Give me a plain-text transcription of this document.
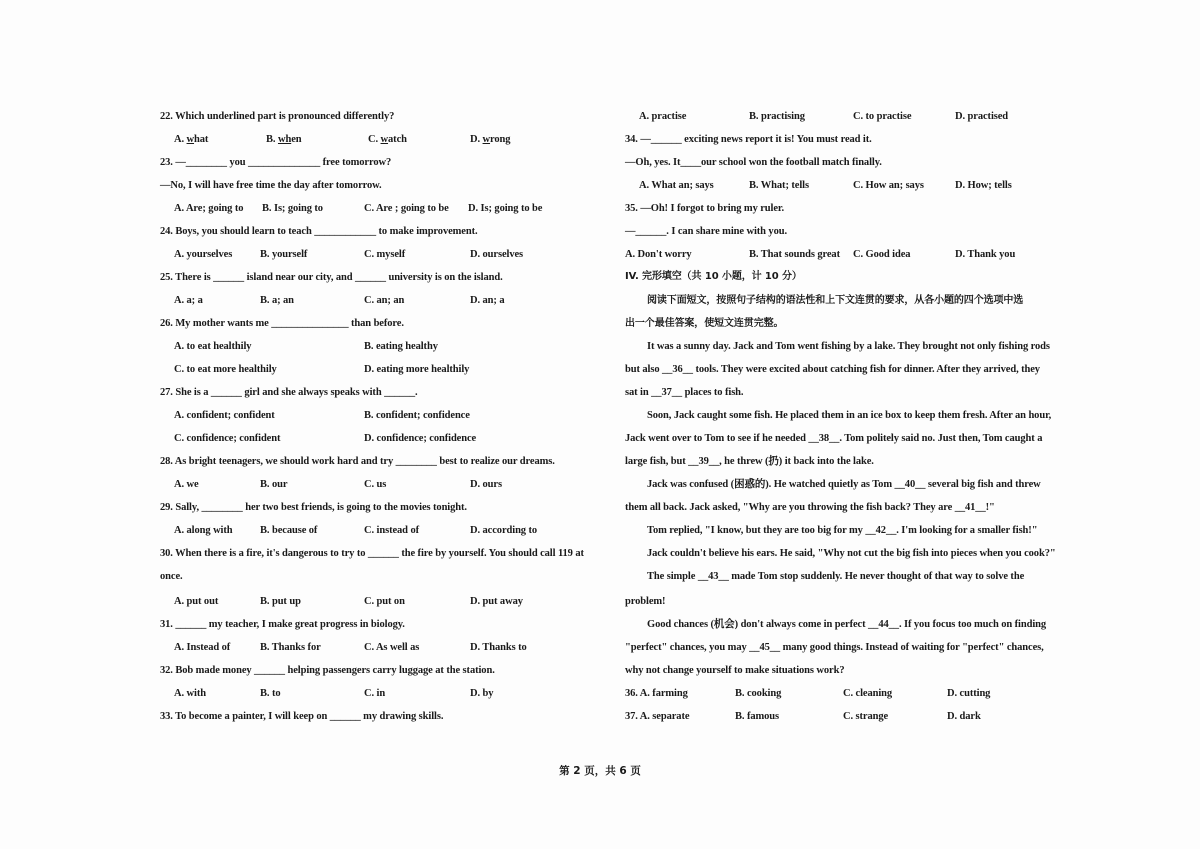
22. Which underlined part is pronounced differently?
A. what	B. when	C. watch	D. wrong
23. —________ you ______________ free tomorrow?
—No, I will have free time the day after tomorrow.
A. Are; going to B. Is; going to	C. Are ; going to be D. Is; going to be
24. Boys, you should learn to teach ____________ to make improvement.
A. yourselves	B. yourself	C. myself	D. ourselves
25. There is ______ island near our city, and ______ university is on the island.
A. a; a	B. a; an	C. an; an	D. an; a
26. My mother wants me _______________ than before.
A. to eat healthily	B. eating healthy
C. to eat more healthily	D. eating more healthily
27. She is a ______ girl and she always speaks with ______.
A. confident; confident	B. confident; confidence
C. confidence; confident	D. confidence; confidence
28. As bright teenagers, we should work hard and try ________ best to realize our dreams.
A. we	B. our	C. us	D. ours
29. Sally, ________ her two best friends, is going to the movies tonight.
A. along with	B. because of	C. instead of	D. according to
30. When there is a fire, it's dangerous to try to ______ the fire by yourself. You should call 119 at
once.
A. put out	B. put up	C. put on	D. put away
31. ______ my teacher, I make great progress in biology.
A. Instead of	B. Thanks for	C. As well as	D. Thanks to
32. Bob made money ______ helping passengers carry luggage at the station.
A. with	B. to	C. in	D. by
33. To become a painter, I will keep on ______ my drawing skills.
A. practise	B. practising	C. to practise	D. practised
34. —______ exciting news report it is! You must read it.
—Oh, yes. It____our school won the football match finally.
A. What an; says	B. What; tells	C. How an; says	D. How; tells
35. —Oh! I forgot to bring my ruler.
—______. I can share mine with you.
A. Don't worry	B. That sounds great C. Good idea	D. Thank you
IV. 完形填空（共 10 小题，计 10 分）
阅读下面短文，按照句子结构的语法性和上下文连贯的要求，从各小题的四个选项中选
出一个最佳答案，使短文连贯完整。
It was a sunny day. Jack and Tom went fishing by a lake. They brought not only fishing rods
but also __36__ tools. They were excited about catching fish for dinner. After they arrived, they
sat in __37__ places to fish.
Soon, Jack caught some fish. He placed them in an ice box to keep them fresh. After an hour,
Jack went over to Tom to see if he needed __38__. Tom politely said no. Just then, Tom caught a
large fish, but __39__, he threw (扔) it back into the lake.
Jack was confused (困惑的). He watched quietly as Tom __40__ several big fish and threw
them all back. Jack asked, "Why are you throwing the fish back? They are __41__!"
Tom replied, "I know, but they are too big for my __42__. I'm looking for a smaller fish!"
Jack couldn't believe his ears. He said, "Why not cut the big fish into pieces when you cook?"
The simple __43__ made Tom stop suddenly. He never thought of that way to solve the
problem!
Good chances (机会) don't always come in perfect __44__. If you focus too much on finding
"perfect" chances, you may __45__ many good things. Instead of waiting for "perfect" chances,
why not change yourself to make situations work?
36. A. farming	B. cooking	C. cleaning	D. cutting
37. A. separate	B. famous	C. strange	D. dark
第 2 页，共 6 页
